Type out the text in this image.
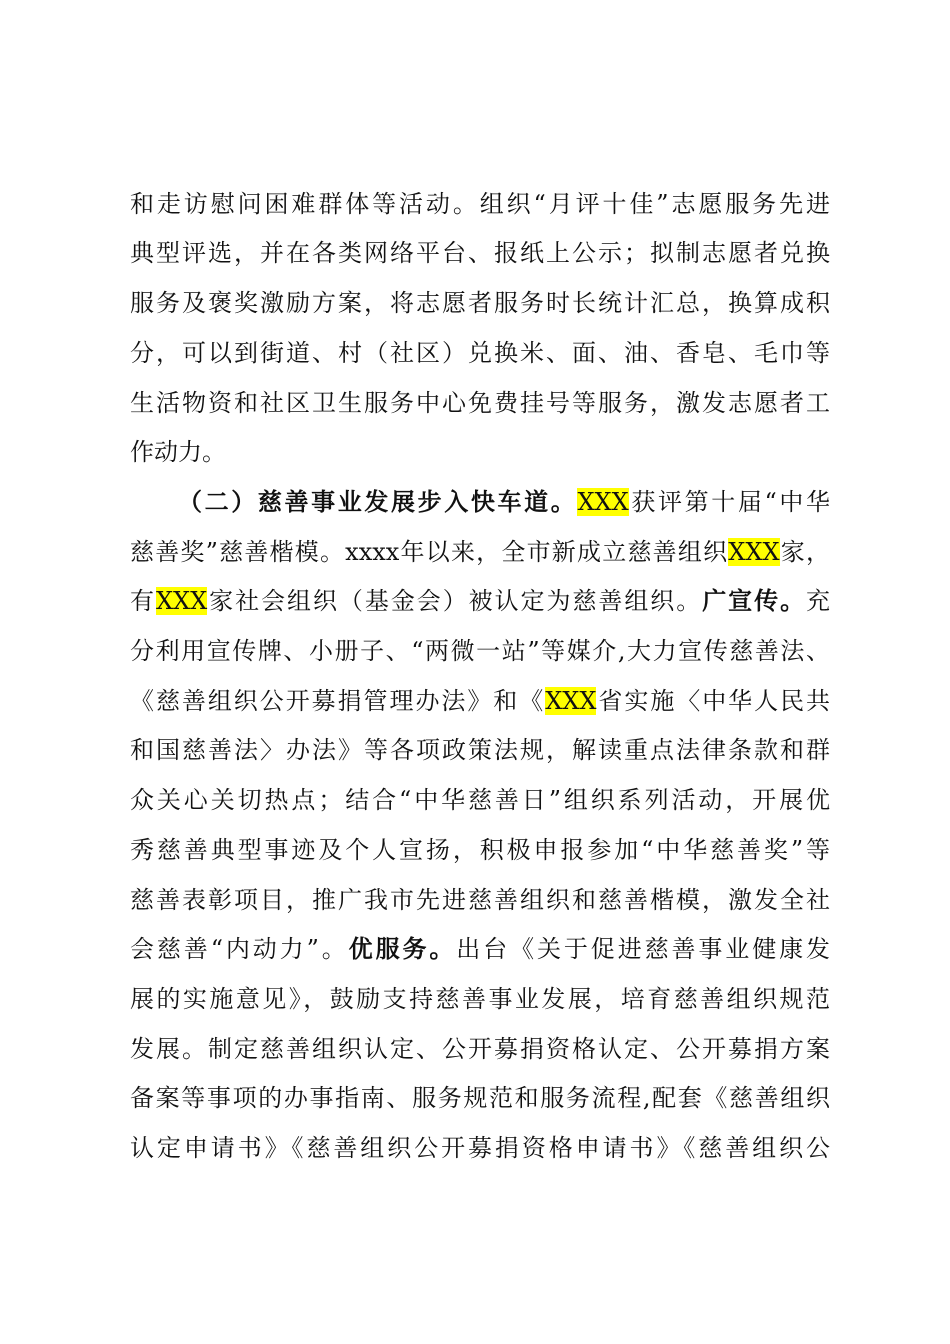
和走访慰问困难群体等活动。组织“月评十佳”志愿服务先进
典型评选，并在各类网络平台、报纸上公示；拟制志愿者兑换
服务及褒奖激励方案，将志愿者服务时长统计汇总，换算成积
分，可以到街道、村（社区）兑换米、面、油、香皂、毛巾等
生活物资和社区卫生服务中心免费挂号等服务，激发志愿者工
作动力。
（二）慈善事业发展步入快车道。XXX获评第十届“中华
慈善奖”慈善楷模。xxxx年以来，全市新成立慈善组织XXX家，
有XXX家社会组织（基金会）被认定为慈善组织。广宣传。充
分利用宣传牌、小册子、“两微一站”等媒介,大力宣传慈善法、
《慈善组织公开募捐管理办法》和《XXX省实施〈中华人民共
和国慈善法〉办法》等各项政策法规，解读重点法律条款和群
众关心关切热点；结合“中华慈善日”组织系列活动，开展优
秀慈善典型事迹及个人宣扬，积极申报参加“中华慈善奖”等
慈善表彰项目，推广我市先进慈善组织和慈善楷模，激发全社
会慈善“内动力”。优服务。出台《关于促进慈善事业健康发
展的实施意见》，鼓励支持慈善事业发展，培育慈善组织规范
发展。制定慈善组织认定、公开募捐资格认定、公开募捐方案
备案等事项的办事指南、服务规范和服务流程,配套《慈善组织
认定申请书》《慈善组织公开募捐资格申请书》《慈善组织公
